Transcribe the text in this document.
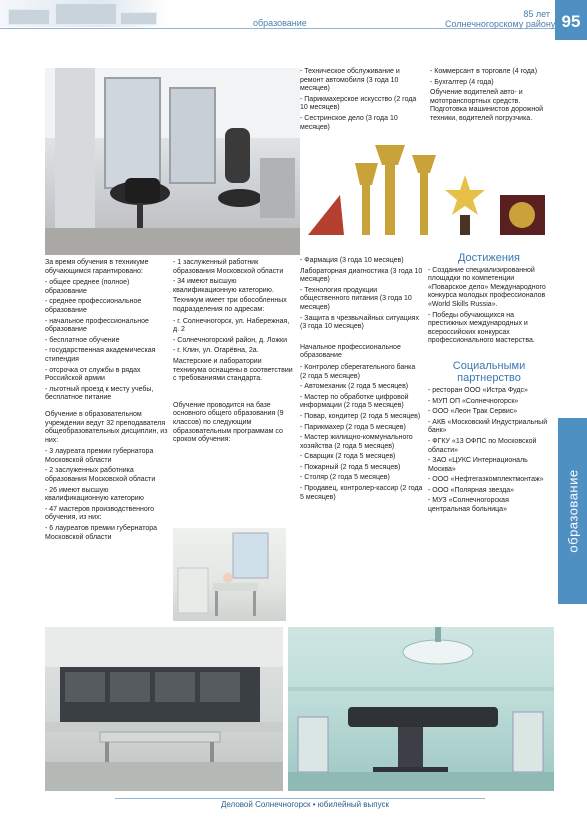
образование
85 лет
Солнечногорскому району 95
образование

За время обучения в техникуме обучающимся гарантировано:

- общее среднее (полное) образование
- среднее профессиональное образование
- начальное профессиональное образование
- бесплатное обучение
- государственная академическая стипендия
- отсрочка от службы в рядах Российской армии
- льготный проезд к месту учебы, бесплатное питание

Обучение в образовательном учреждении ведут 32 преподавателя общеобразовательных дисциплин, из них:

- 3 лауреата премии губернатора Московской области
- 2 заслуженных работника образования Московской области
- 26 имеют высшую квалификационную категорию
- 47 мастеров производственного обучения, из них:
- 6 лауреатов премии губернатора Московской области
- 1 заслуженный работник образования Московской области
- 34 имеют высшую квалификационную категорию.

Техникум имеет три обособленных подразделения по адресам:

- г. Солнечногорск, ул. Набережная, д. 2
- Солнечногорский район, д. Ложки
- г. Клин, ул. Огарёвна, 2а.

Мастерские и лаборатории техникума оснащены в соответствии с требованиями стандарта.

Обучение проводится на базе основного общего образования (9 классов) по следующим образовательным программам со сроком обучения:

- Техническое обслуживание и ремонт автомобиля (3 года 10 месяцев)
- Парикмахерское искусство (2 года 10 месяцев)
- Сестринское дело (3 года 10 месяцев)
- Коммерсант в торговле (4 года)
- Бухгалтер (4 года)

Обучение водителей авто- и мототранспортных средств. Подготовка машинистов дорожной техники, водителей погрузчика.

- Фармация (3 года 10 месяцев)
Лабораторная диагностика (3 года 10 месяцев)
- Технология продукции общественного питания (3 года 10 месяцев)
- Защита в чрезвычайных ситуациях (3 года 10 месяцев)

Начальное профессиональное образование

- Контролер сберегательного банка (2 года 5 месяцев)
- Автомеханик (2 года 5 месяцев)
- Мастер по обработке цифровой информации (2 года 5 месяцев)
- Повар, кондитер (2 года 5 месяцев)
- Парикмахер (2 года 5 месяцев)
- Мастер жилищно-коммунального хозяйства (2 года 5 месяцев)
- Сварщик (2 года 5 месяцев)
- Пожарный (2 года 5 месяцев)
- Столяр (2 года 5 месяцев)
- Продавец, контролер-кассир (2 года 5 месяцев)
Достижения
- Создание специализированной площадки по компетенции «Поварское дело» Международного конкурса молодых профессионалов «World Skills Russia».
- Победы обучающихся на престижных международных и всероссийских конкурсах профессионального мастерства.
Социальными
партнерство
- ресторан ООО «Истра Фудс»
- МУП ОП «Солнечногорск»
- ООО «Леон Трак Сервис»
- АКБ «Московский Индустриальный банк»
- ФГКУ «13 ОФПС по Московской области»
- ЗАО «ЦУКС Интернациональ Москва»
- ООО «Нефтегазкомплектмонтаж»
- ООО «Полярная звезда»
- МУЗ «Солнечногорская центральная больница»
Деловой Солнечногорск • юбилейный выпуск
